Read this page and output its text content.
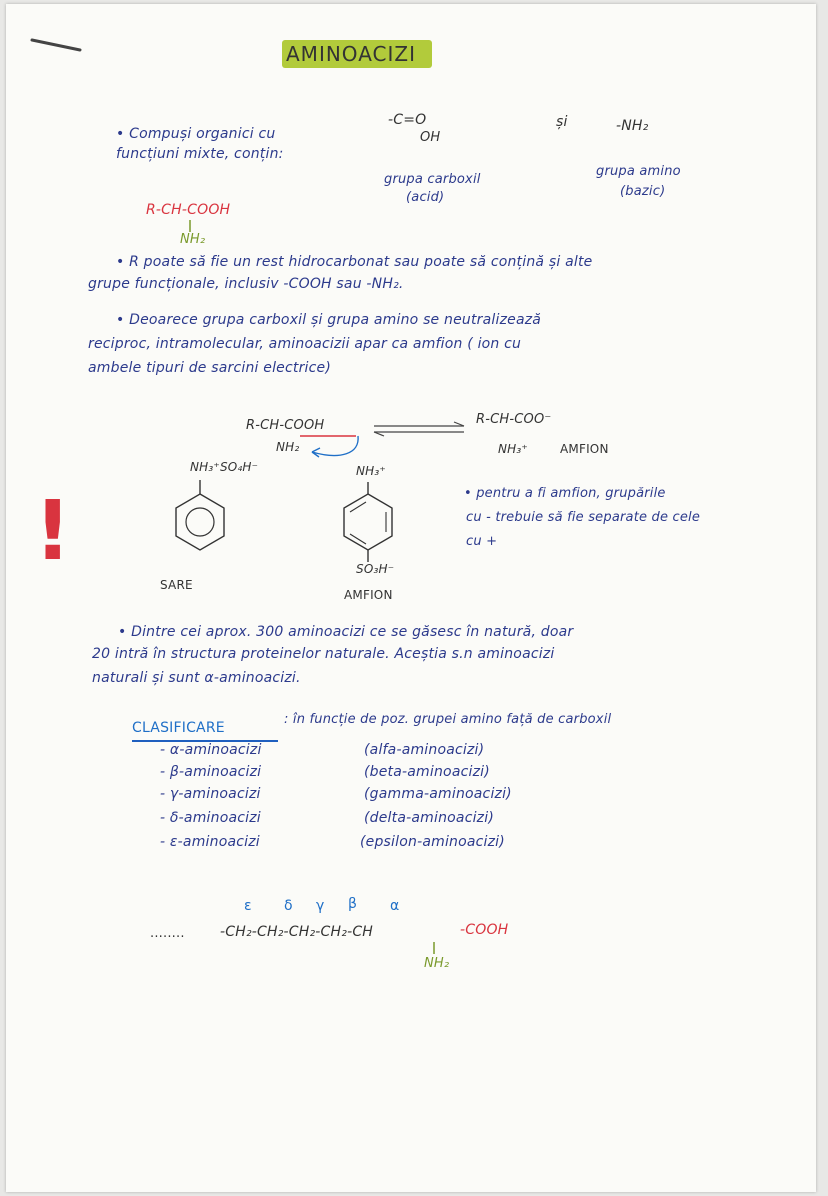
AMINOACIZI
• Compuși organici cu
funcțiuni mixte, conțin:
-C=O
OH
și	-NH₂
grupa carboxil
(acid)
grupa amino
(bazic)
R-CH-COOH
NH₂
• R poate să fie un rest hidrocarbonat sau poate să conțină și alte
grupe funcționale, inclusiv -COOH sau -NH₂.
• Deoarece grupa carboxil și grupa amino se neutralizează
reciproc, intramolecular, aminoacizii apar ca amfion ( ion cu
ambele tipuri de sarcini electrice)
R-CH-COOH
NH₂
R-CH-COO⁻
NH₃⁺	AMFION
!
NH₃⁺SO₄H⁻
SARE
NH₃⁺
SO₃H⁻
AMFION
• pentru a fi amfion, grupările
cu - trebuie să fie separate de cele
cu +
• Dintre cei aprox. 300 aminoacizi ce se găsesc în natură, doar
20 intră în structura proteinelor naturale. Aceștia s.n aminoacizi
naturali și sunt α-aminoacizi.
CLASIFICARE
: în funcție de poz. grupei amino față de carboxil
- α-aminoacizi	(alfa-aminoacizi)
- β-aminoacizi	(beta-aminoacizi)
- γ-aminoacizi	(gamma-aminoacizi)
- δ-aminoacizi	(delta-aminoacizi)
- ε-aminoacizi	(epsilon-aminoacizi)
ε δ γ β α
........	-CH₂-CH₂-CH₂-CH₂-CH	-COOH
NH₂
